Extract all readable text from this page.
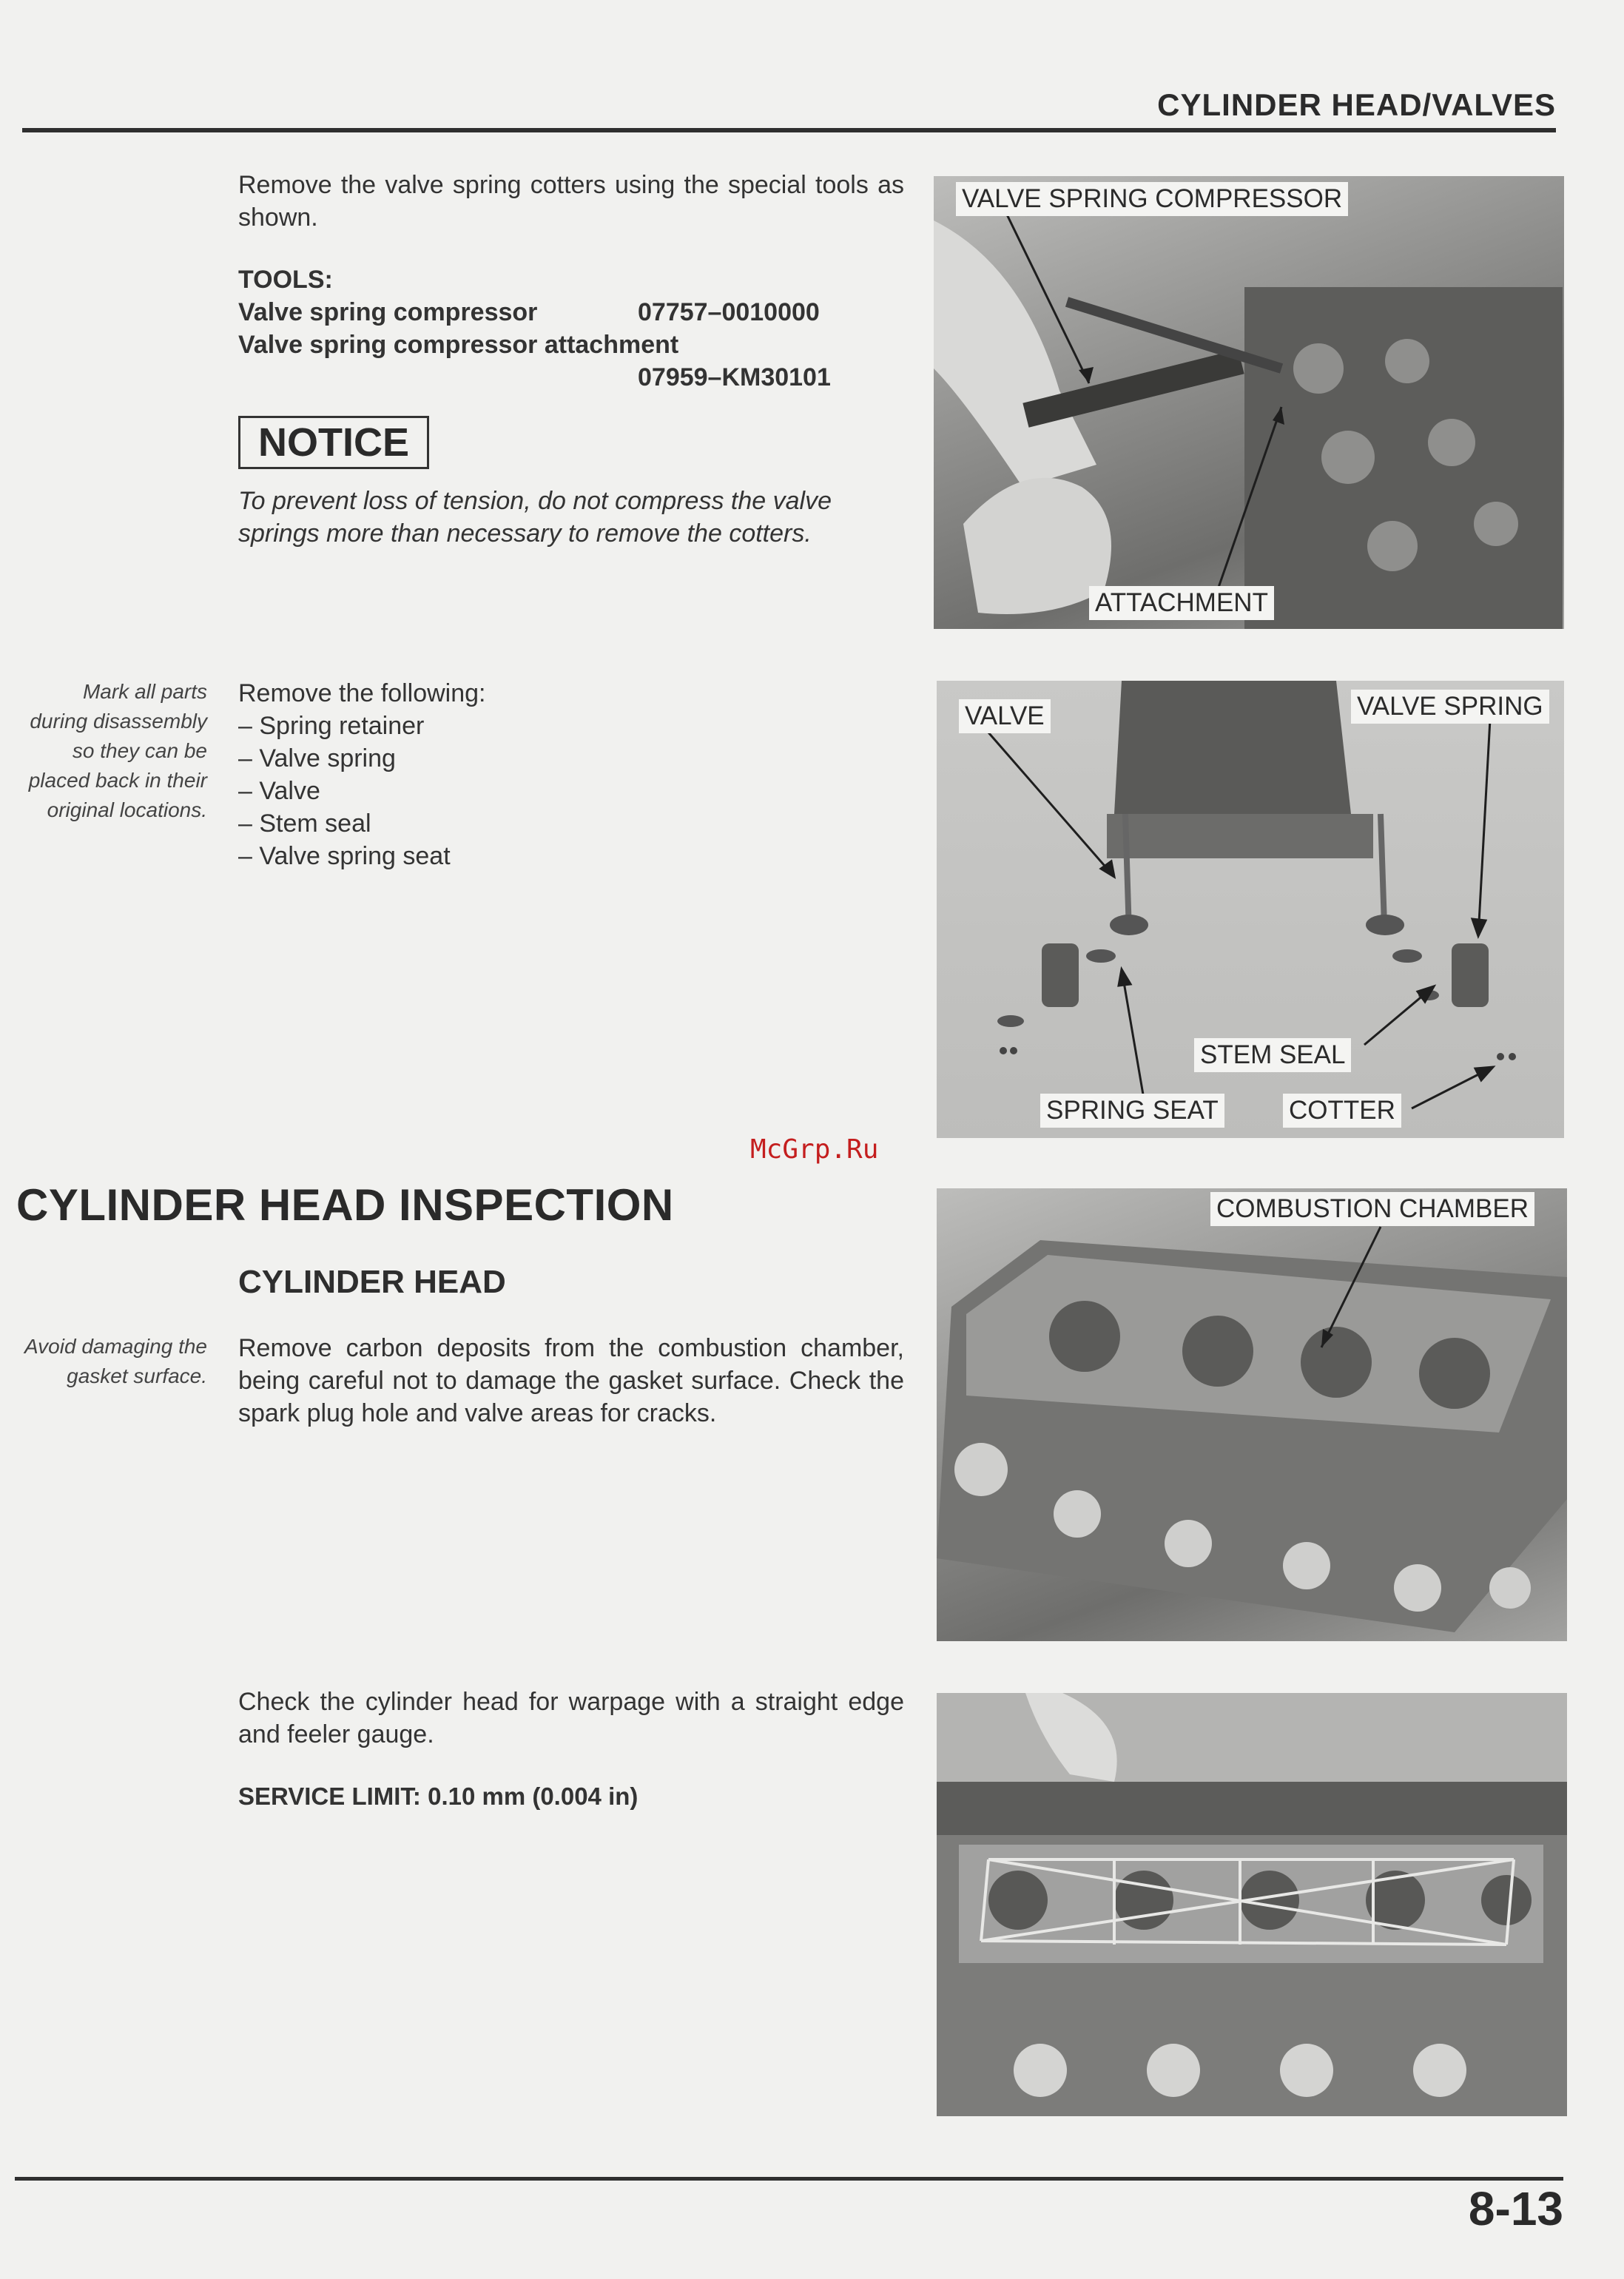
CYLINDER HEAD/VALVES
Remove the valve spring cotters using the special tools as shown.
TOOLS:
Valve spring compressor	07757–0010000
Valve spring compressor attachment
07959–KM30101
NOTICE
To prevent loss of tension, do not compress the valve springs more than necessary to remove the cotters.
VALVE SPRING COMPRESSOR
ATTACHMENT
Mark all parts during disassembly so they can be placed back in their original locations.
Remove the following:
– Spring retainer
– Valve spring
– Valve
– Stem seal
– Valve spring seat
VALVE	VALVE SPRING
STEM SEAL
SPRING SEAT	COTTER
McGrp.Ru
CYLINDER HEAD INSPECTION
CYLINDER HEAD
Avoid damaging the gasket surface.
Remove carbon deposits from the combustion chamber, being careful not to damage the gasket surface. Check the spark plug hole and valve areas for cracks.
COMBUSTION CHAMBER
Check the cylinder head for warpage with a straight edge and feeler gauge.
SERVICE LIMIT: 0.10 mm (0.004 in)
8-13
